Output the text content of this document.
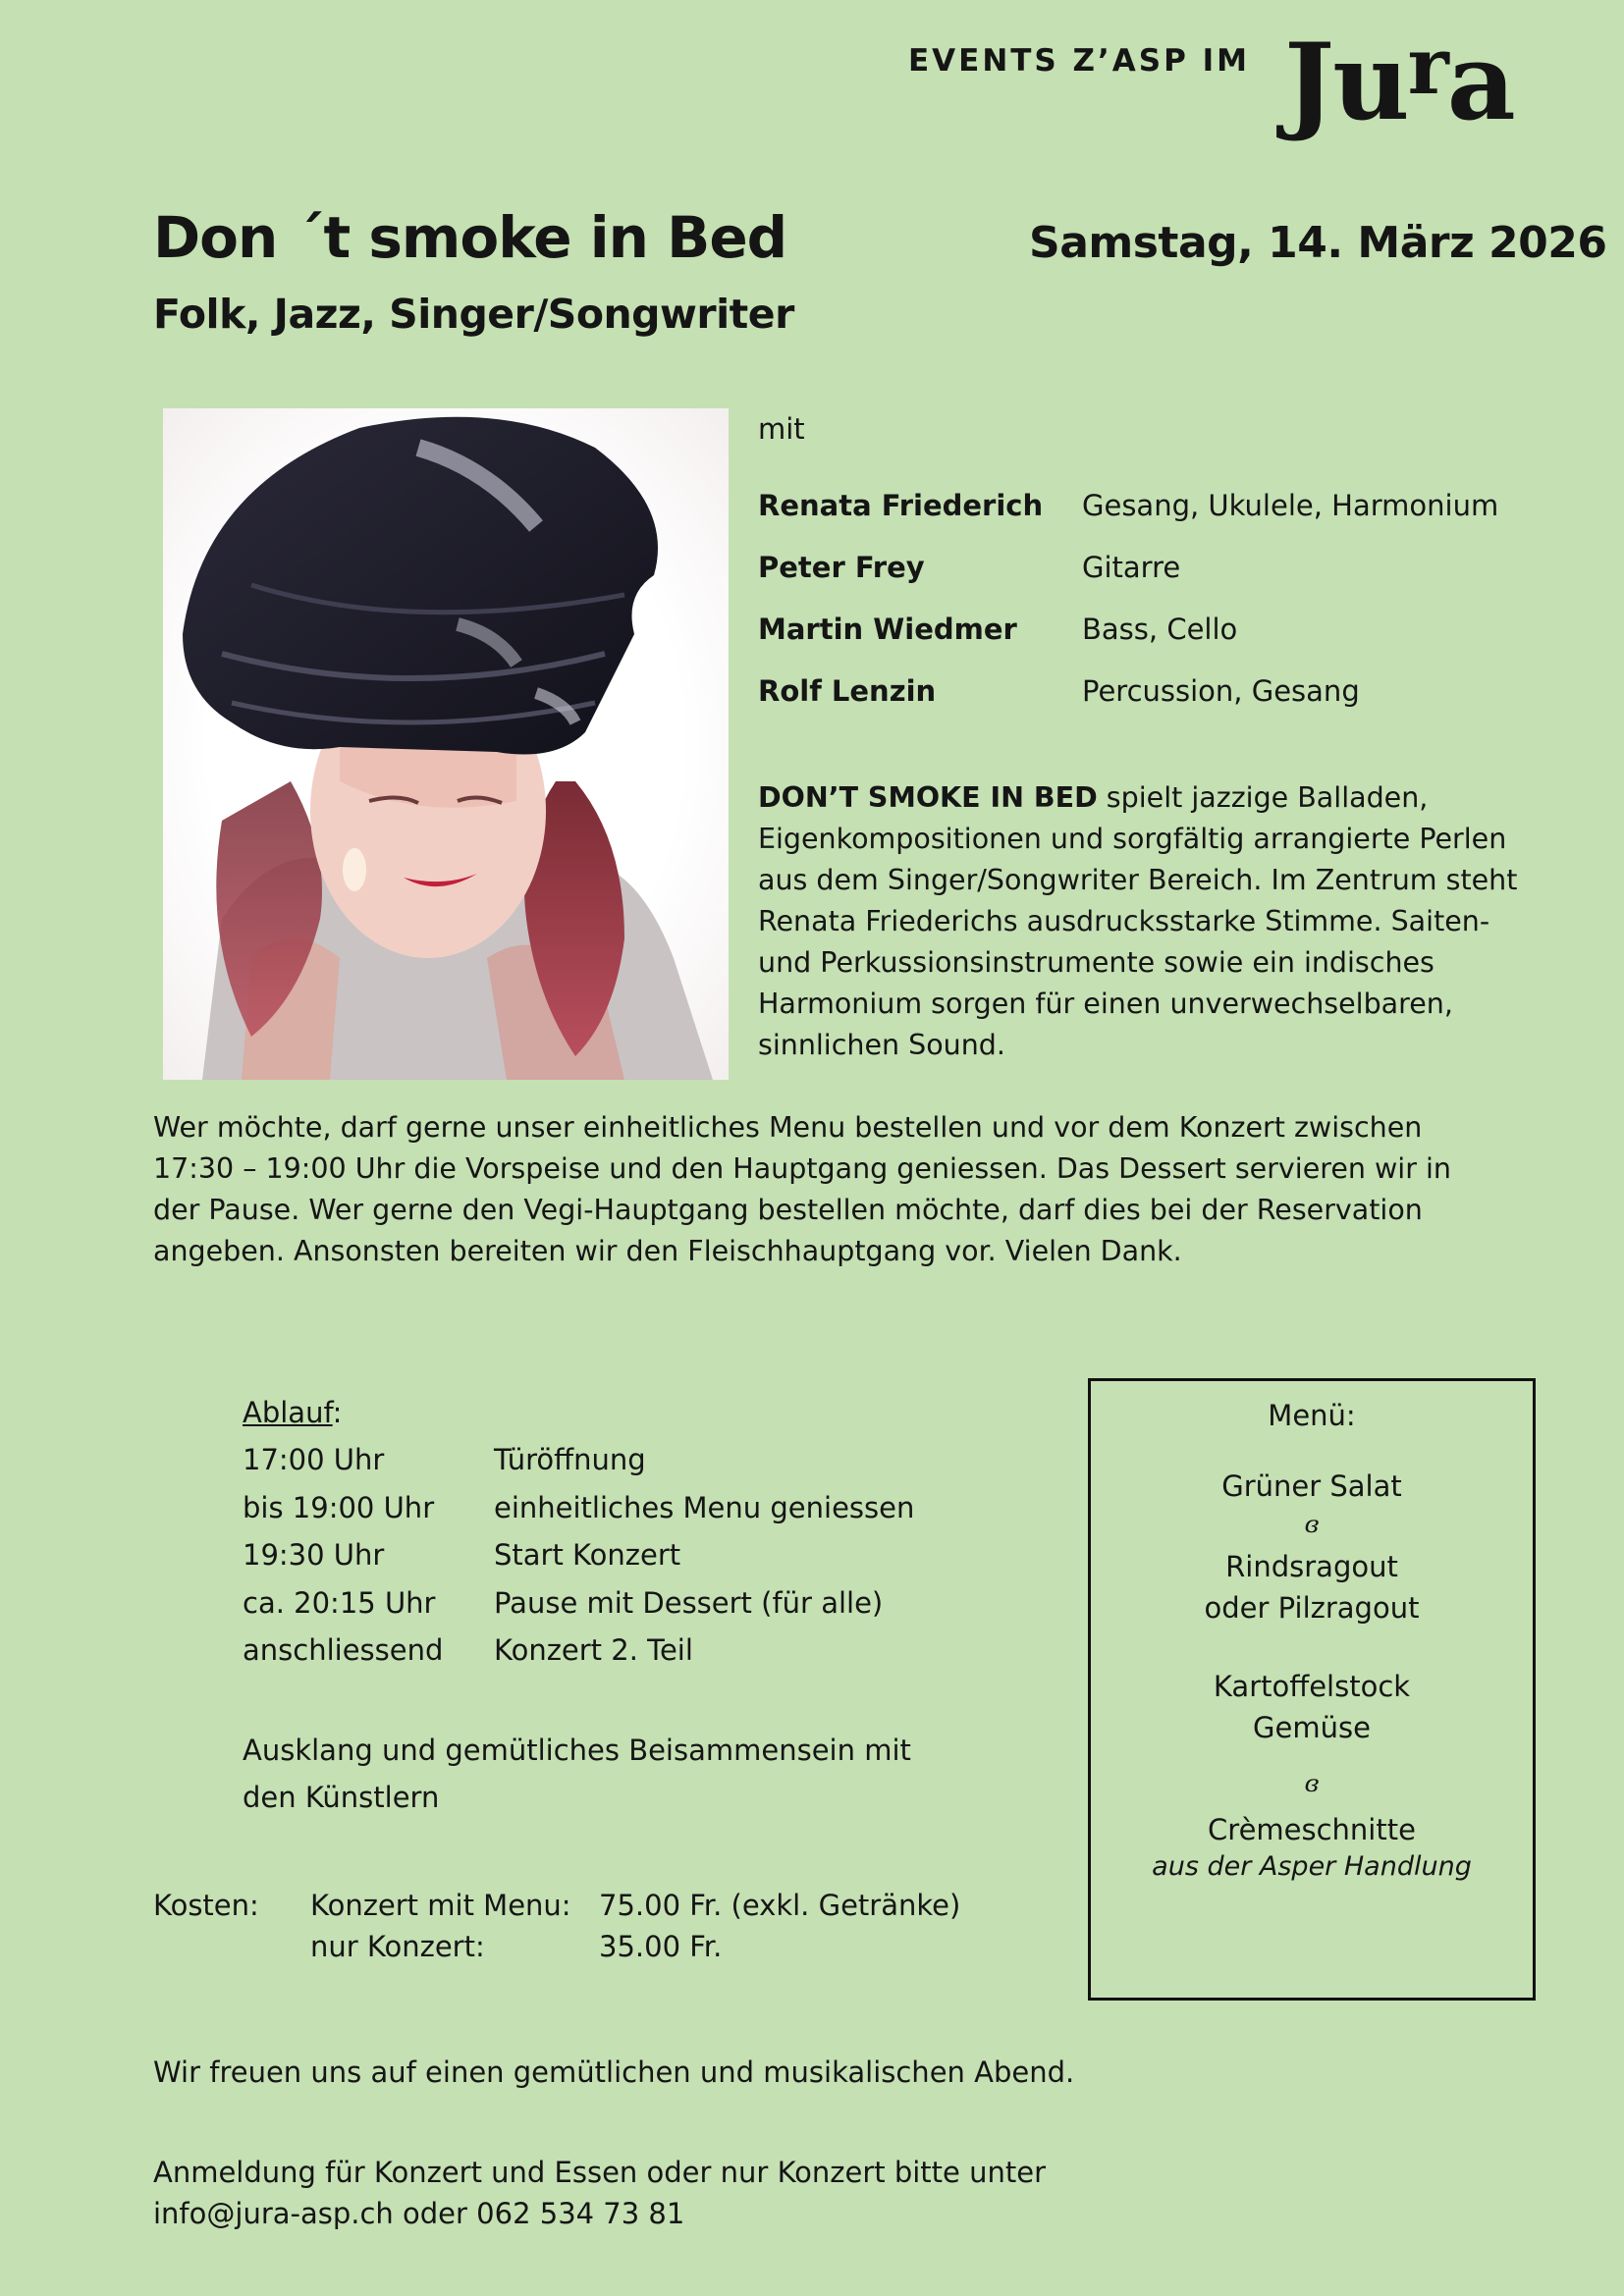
EVENTS Z’ASP IM Jura
Don ´t smoke in Bed
Folk, Jazz, Singer/Songwriter
Samstag, 14. März 2026
mit
Renata Friederich	Gesang, Ukulele, Harmonium
Peter Frey	Gitarre
Martin Wiedmer	Bass, Cello
Rolf Lenzin	Percussion, Gesang
DON’T SMOKE IN BED spielt jazzige Balladen, Eigenkompositionen und sorgfältig arrangierte Perlen aus dem Singer/Songwriter Bereich. Im Zentrum steht Renata Friederichs ausdrucksstarke Stimme. Saiten- und Perkussionsinstrumente sowie ein indisches Harmonium sorgen für einen unverwechselbaren, sinnlichen Sound.
Wer möchte, darf gerne unser einheitliches Menu bestellen und vor dem Konzert zwischen 17:30 – 19:00 Uhr die Vorspeise und den Hauptgang geniessen. Das Dessert servieren wir in der Pause. Wer gerne den Vegi-Hauptgang bestellen möchte, darf dies bei der Reservation angeben. Ansonsten bereiten wir den Fleischhauptgang vor. Vielen Dank.
Ablauf:
17:00 Uhr	Türöffnung
bis 19:00 Uhr	einheitliches Menu geniessen
19:30 Uhr	Start Konzert
ca. 20:15 Uhr	Pause mit Dessert (für alle)
anschliessend	Konzert 2. Teil
Ausklang und gemütliches Beisammensein mit den Künstlern
Kosten:	Konzert mit Menu: 75.00 Fr. (exkl. Getränke)
nur Konzert:	35.00 Fr.
Menü:
Grüner Salat
ɞ
Rindsragout
oder Pilzragout
Kartoffelstock
Gemüse
ɞ
Crèmeschnitte
aus der Asper Handlung
Wir freuen uns auf einen gemütlichen und musikalischen Abend.
Anmeldung für Konzert und Essen oder nur Konzert bitte unter
info@jura-asp.ch oder 062 534 73 81
